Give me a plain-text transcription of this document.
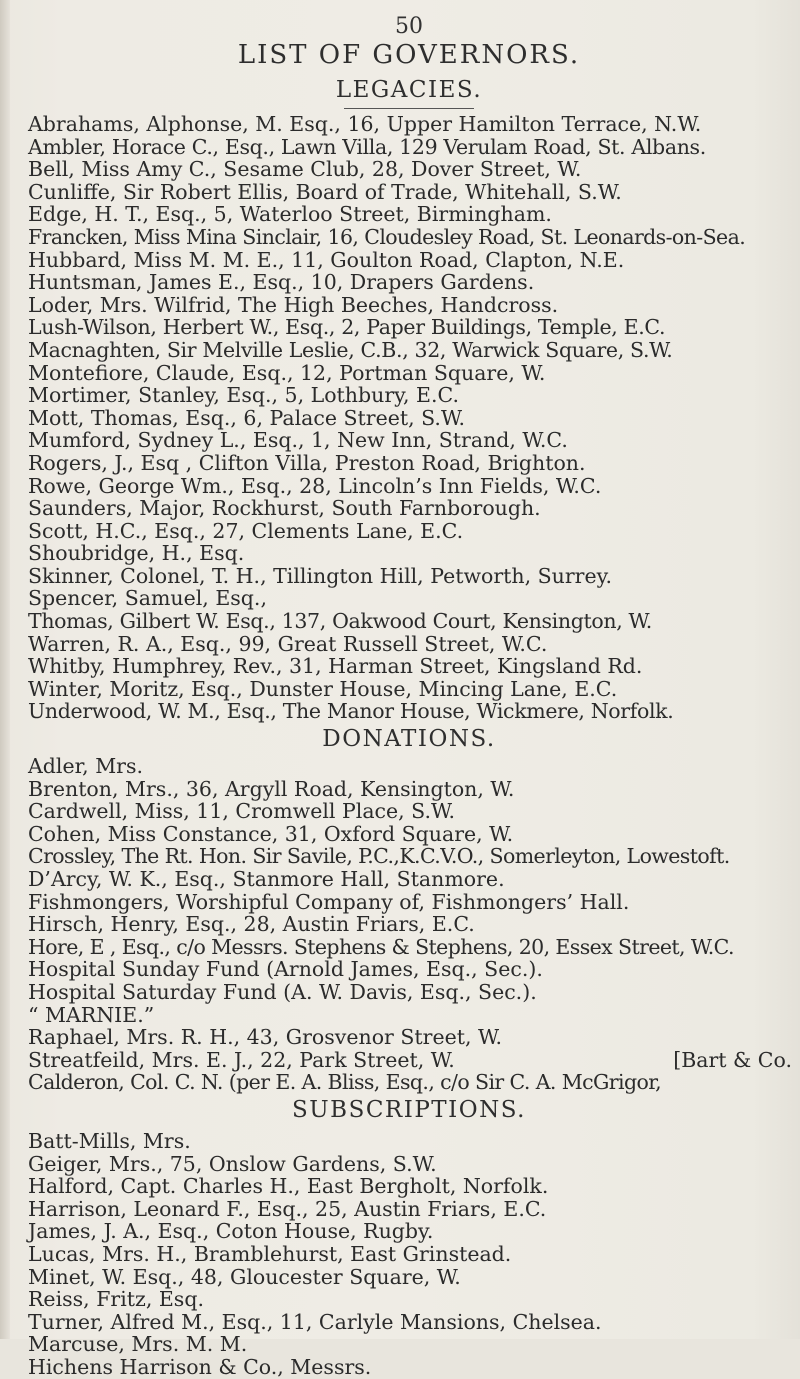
50

LIST OF GOVERNORS.
LEGACIES.

Abrahams, Alphonse, M. Esq., 16, Upper Hamilton Terrace, N.W.

Ambler, Horace C., Esq., Lawn Villa, 129 Verulam Road, St. Albans.

Bell, Miss Amy C., Sesame Club, 28, Dover Street, W.

Cunliffe, Sir Robert Ellis, Board of Trade, Whitehall, S.W.

Edge, H. T., Esq., 5, Waterloo Street, Birmingham.

Francken, Miss Mina Sinclair, 16, Cloudesley Road, St. Leonards-on-Sea.

Hubbard, Miss M. M. E., 11, Goulton Road, Clapton, N.E.

Huntsman, James E., Esq., 10, Drapers Gardens.

Loder, Mrs. Wilfrid, The High Beeches, Handcross.

Lush-Wilson, Herbert W., Esq., 2, Paper Buildings, Temple, E.C.

Macnaghten, Sir Melville Leslie, C.B., 32, Warwick Square, S.W.

Montefiore, Claude, Esq., 12, Portman Square, W.

Mortimer, Stanley, Esq., 5, Lothbury, E.C.

Mott, Thomas, Esq., 6, Palace Street, S.W.

Mumford, Sydney L., Esq., 1, New Inn, Strand, W.C.

Rogers, J., Esq , Clifton Villa, Preston Road, Brighton.

Rowe, George Wm., Esq., 28, Lincoln’s Inn Fields, W.C.

Saunders, Major, Rockhurst, South Farnborough.

Scott, H.C., Esq., 27, Clements Lane, E.C.

Shoubridge, H., Esq.

Skinner, Colonel, T. H., Tillington Hill, Petworth, Surrey.

Spencer, Samuel, Esq.,

Thomas, Gilbert W. Esq., 137, Oakwood Court, Kensington, W.

Warren, R. A., Esq., 99, Great Russell Street, W.C.

Whitby, Humphrey, Rev., 31, Harman Street, Kingsland Rd.

Winter, Moritz, Esq., Dunster House, Mincing Lane, E.C.

Underwood, W. M., Esq., The Manor House, Wickmere, Norfolk.

DONATIONS.

Adler, Mrs.

Brenton, Mrs., 36, Argyll Road, Kensington, W.

Cardwell, Miss, 11, Cromwell Place, S.W.

Cohen, Miss Constance, 31, Oxford Square, W.

Crossley, The Rt. Hon. Sir Savile, P.C.,K.C.V.O., Somerleyton, Lowestoft.

D’Arcy, W. K., Esq., Stanmore Hall, Stanmore.

Fishmongers, Worshipful Company of, Fishmongers’ Hall.

Hirsch, Henry, Esq., 28, Austin Friars, E.C.

Hore, E , Esq., c/o Messrs. Stephens & Stephens, 20, Essex Street, W.C.

Hospital Sunday Fund (Arnold James, Esq., Sec.).

Hospital Saturday Fund (A. W. Davis, Esq., Sec.).

“ MARNIE.”

Raphael, Mrs. R. H., 43, Grosvenor Street, W.

Streatfeild, Mrs. E. J., 22, Park Street, W.	[Bart & Co.

Calderon, Col. C. N. (per E. A. Bliss, Esq., c/o Sir C. A. McGrigor,

SUBSCRIPTIONS.

Batt-Mills, Mrs.

Geiger, Mrs., 75, Onslow Gardens, S.W.

Halford, Capt. Charles H., East Bergholt, Norfolk.

Harrison, Leonard F., Esq., 25, Austin Friars, E.C.

James, J. A., Esq., Coton House, Rugby.

Lucas, Mrs. H., Bramblehurst, East Grinstead.

Minet, W. Esq., 48, Gloucester Square, W.

Reiss, Fritz, Esq.

Turner, Alfred M., Esq., 11, Carlyle Mansions, Chelsea.

Marcuse, Mrs. M. M.

Hichens Harrison & Co., Messrs.
